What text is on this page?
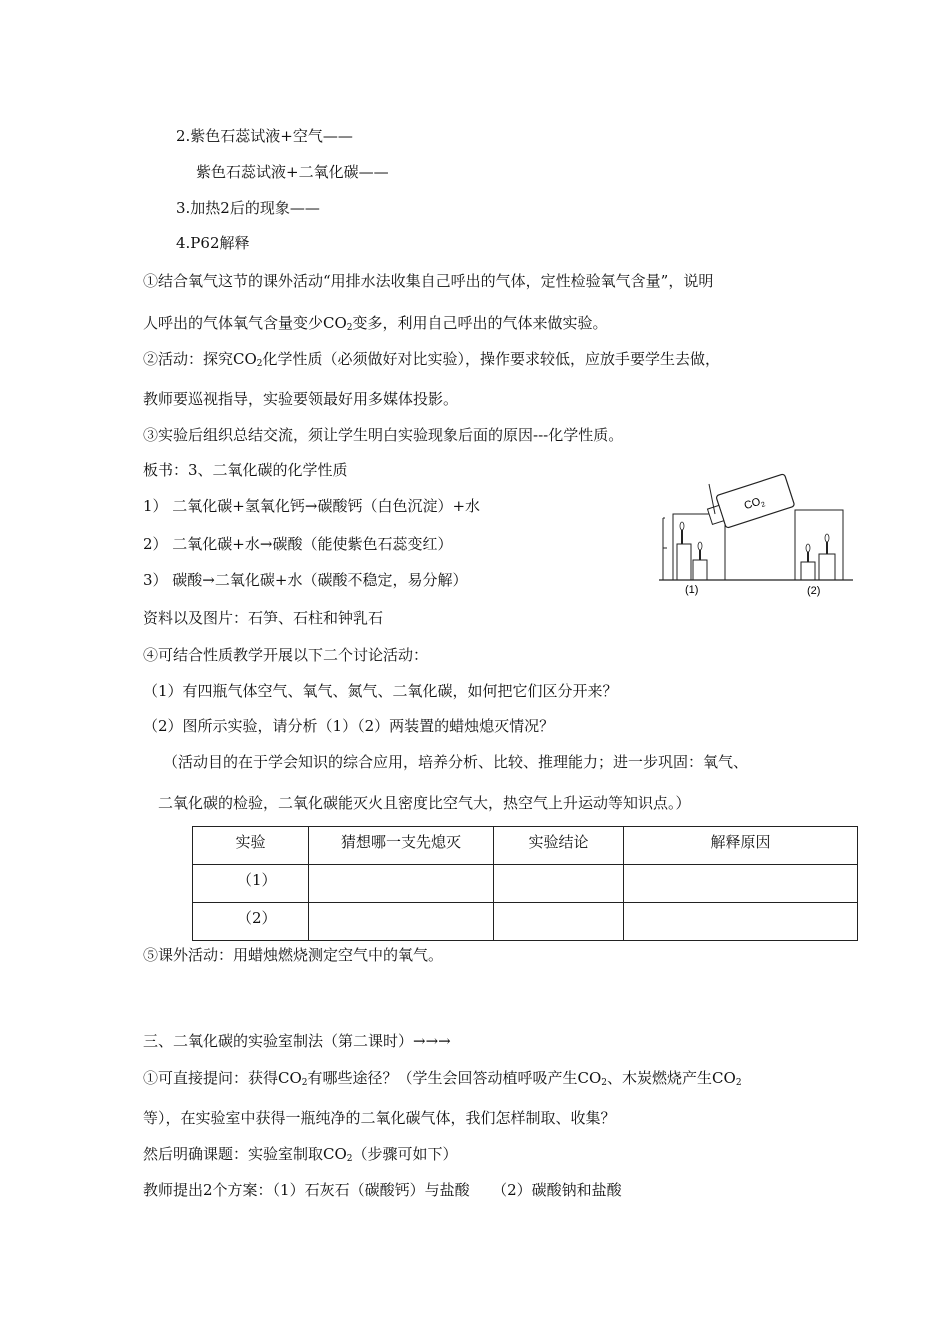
2.紫色石蕊试液+空气——
紫色石蕊试液+二氧化碳——
3.加热2后的现象——
4.P62解释
①结合氧气这节的课外活动“用排水法收集自己呼出的气体，定性检验氧气含量”，说明
人呼出的气体氧气含量变少$CO_2$变多，利用自己呼出的气体来做实验。
②活动：探究$CO_2$化学性质（必须做好对比实验），操作要求较低，应放手要学生去做，
教师要巡视指导，实验要领最好用多媒体投影。
③实验后组织总结交流，须让学生明白实验现象后面的原因---化学性质。
板书：3、二氧化碳的化学性质
1） 二氧化碳+氢氧化钙→碳酸钙（白色沉淀）+水
2） 二氧化碳+水→碳酸（能使紫色石蕊变红）
3） 碳酸→二氧化碳+水（碳酸不稳定，易分解）
资料以及图片：石笋、石柱和钟乳石
④可结合性质教学开展以下二个讨论活动：
（1）有四瓶气体空气、氧气、氮气、二氧化碳，如何把它们区分开来？
（2）图所示实验，请分析（1）（2）两装置的蜡烛熄灭情况？
（活动目的在于学会知识的综合应用，培养分析、比较、推理能力；进一步巩固：氧气、
二氧化碳的检验，二氧化碳能灭火且密度比空气大，热空气上升运动等知识点。）
$CO_2$
(1)	(2)
实验	猜想哪一支先熄灭	实验结论	解释原因
（1）			
（2）			
⑤课外活动：用蜡烛燃烧测定空气中的氧气。
三、二氧化碳的实验室制法（第二课时）→→→
①可直接提问：获得$CO_2$有哪些途径？（学生会回答动植呼吸产生$CO_2$、木炭燃烧产生$CO_2$
等），在实验室中获得一瓶纯净的二氧化碳气体，我们怎样制取、收集？
然后明确课题：实验室制取$CO_2$（步骤可如下）
教师提出2个方案：（1）石灰石（碳酸钙）与盐酸　　（2）碳酸钠和盐酸
